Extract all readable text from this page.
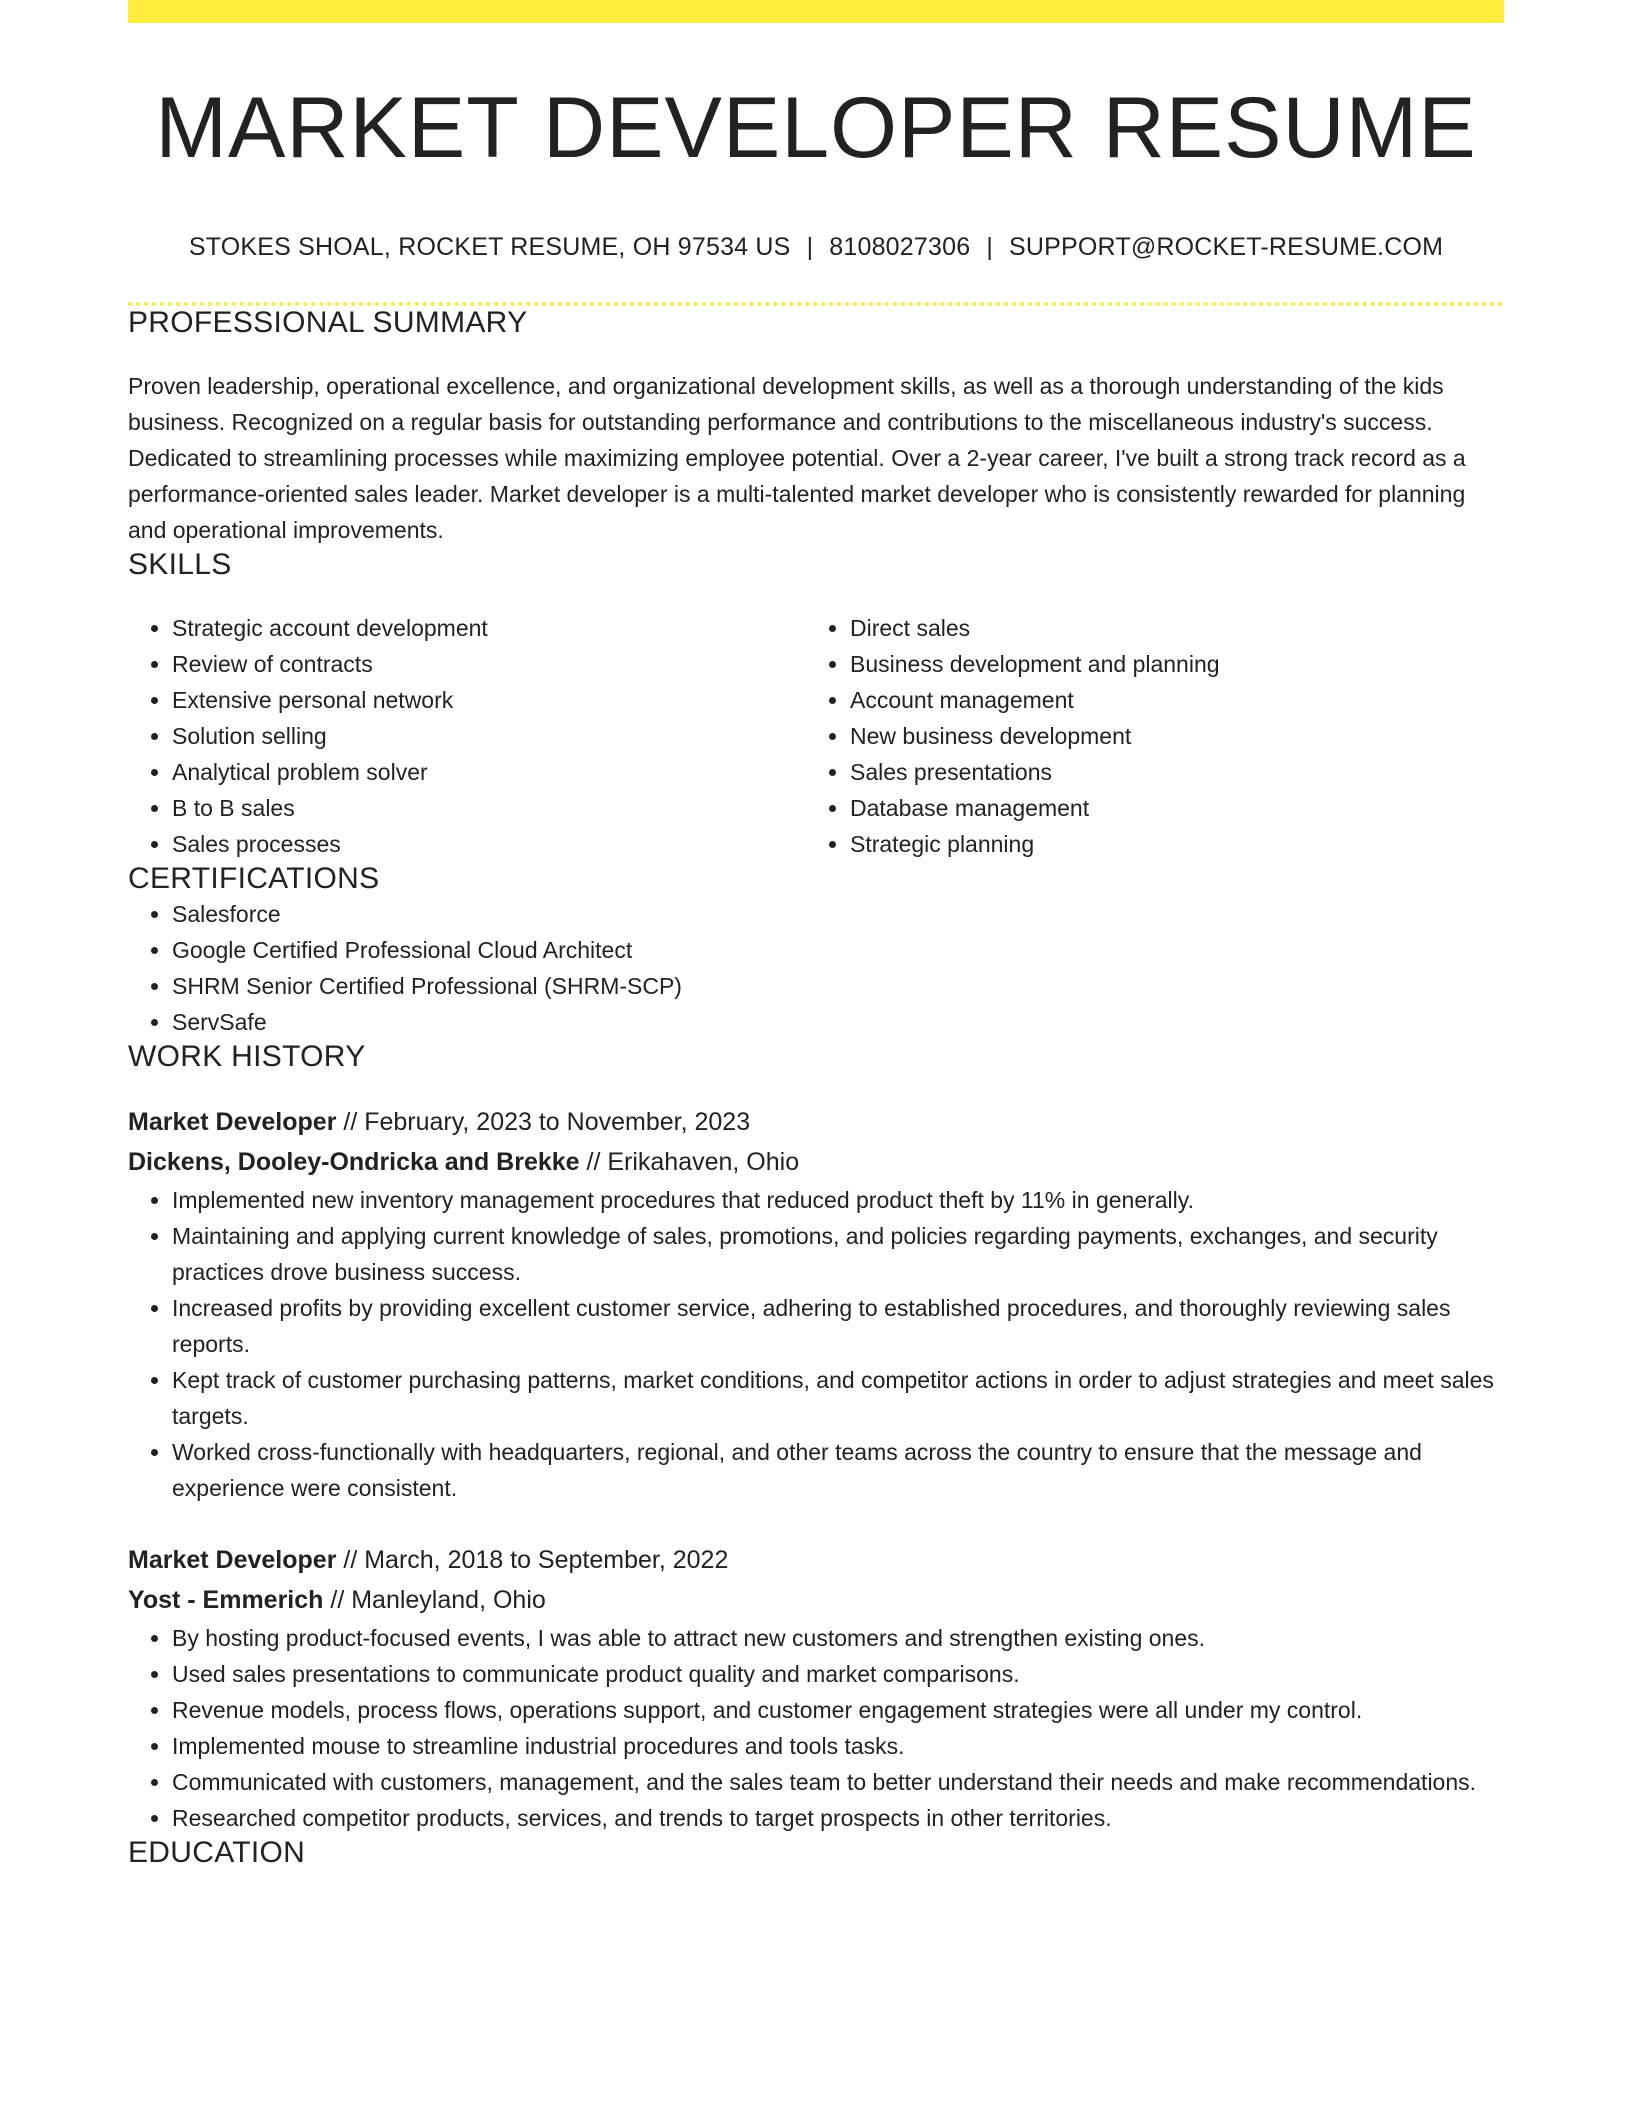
MARKET DEVELOPER RESUME
STOKES SHOAL, ROCKET RESUME, OH 97534 US | 8108027306 | SUPPORT@ROCKET-RESUME.COM
PROFESSIONAL SUMMARY
Proven leadership, operational excellence, and organizational development skills, as well as a thorough understanding of the kids business. Recognized on a regular basis for outstanding performance and contributions to the miscellaneous industry's success. Dedicated to streamlining processes while maximizing employee potential. Over a 2-year career, I've built a strong track record as a performance-oriented sales leader. Market developer is a multi-talented market developer who is consistently rewarded for planning and operational improvements.
SKILLS
• Strategic account development
• Review of contracts
• Extensive personal network
• Solution selling
• Analytical problem solver
• B to B sales
• Sales processes
• Direct sales
• Business development and planning
• Account management
• New business development
• Sales presentations
• Database management
• Strategic planning
CERTIFICATIONS
• Salesforce
• Google Certified Professional Cloud Architect
• SHRM Senior Certified Professional (SHRM-SCP)
• ServSafe
WORK HISTORY
Market Developer // February, 2023 to November, 2023
Dickens, Dooley-Ondricka and Brekke // Erikahaven, Ohio
• Implemented new inventory management procedures that reduced product theft by 11% in generally.
• Maintaining and applying current knowledge of sales, promotions, and policies regarding payments, exchanges, and security practices drove business success.
• Increased profits by providing excellent customer service, adhering to established procedures, and thoroughly reviewing sales reports.
• Kept track of customer purchasing patterns, market conditions, and competitor actions in order to adjust strategies and meet sales targets.
• Worked cross-functionally with headquarters, regional, and other teams across the country to ensure that the message and experience were consistent.
Market Developer // March, 2018 to September, 2022
Yost - Emmerich // Manleyland, Ohio
• By hosting product-focused events, I was able to attract new customers and strengthen existing ones.
• Used sales presentations to communicate product quality and market comparisons.
• Revenue models, process flows, operations support, and customer engagement strategies were all under my control.
• Implemented mouse to streamline industrial procedures and tools tasks.
• Communicated with customers, management, and the sales team to better understand their needs and make recommendations.
• Researched competitor products, services, and trends to target prospects in other territories.
EDUCATION
